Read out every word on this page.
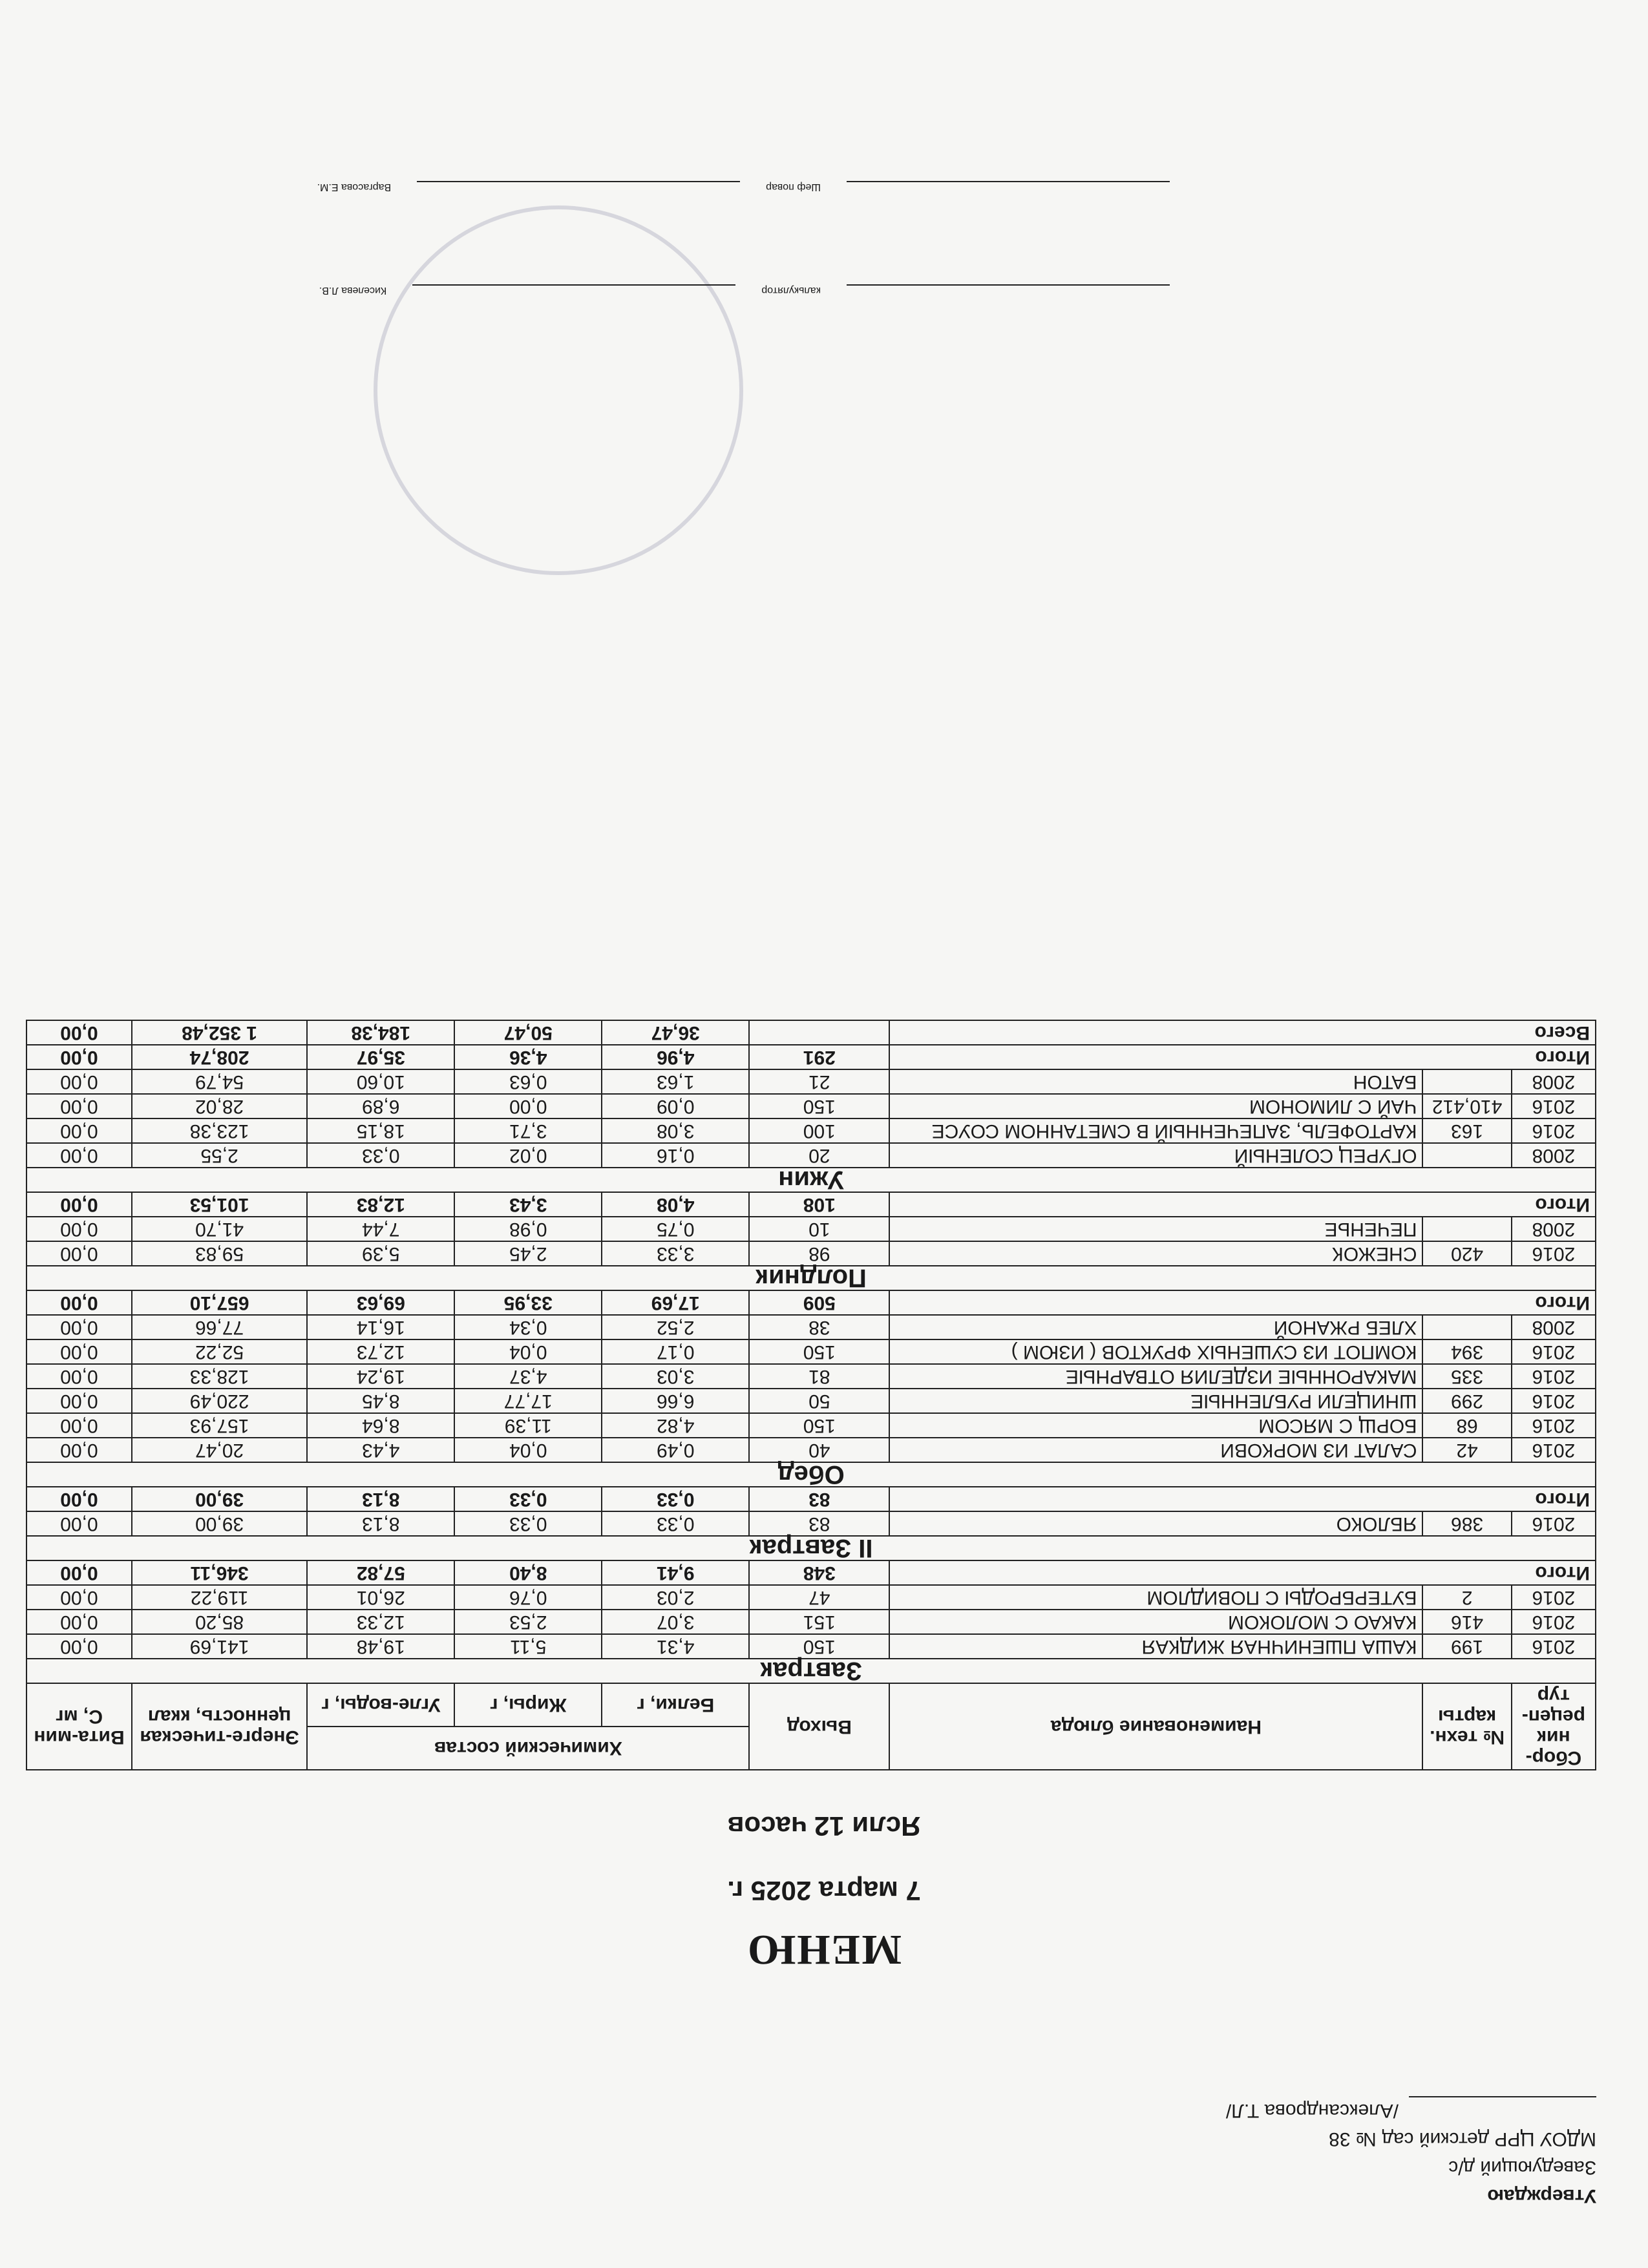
Утверждаю
Заведующий д/с
МДОУ ЦРР детский сад № 38
/Александрова Т.Л/
МЕНЮ
7 марта 2025 г.
Ясли 12 часов
Сбор-ник рецеп-тур	№ техн. карты	Наименование блюда	Выход	Химический состав			Энерге-тическая ценность, ккал	Вита-мин С, мг
				Белки, г	Жиры, г	Угле-воды, г		
Завтрак								
2016	199	КАША ПШЕНИЧНАЯ ЖИДКАЯ	150	4,31	5,11	19,48	141,69	0,00
2016	416	КАКАО С МОЛОКОМ	151	3,07	2,53	12,33	85,20	0,00
2016	2	БУТЕРБРОДЫ С ПОВИДЛОМ	47	2,03	0,76	26,01	119,22	0,00
Итого			348	9,41	8,40	57,82	346,11	0,00
II Завтрак								
2016	386	ЯБЛОКО	83	0,33	0,33	8,13	39,00	0,00
Итого			83	0,33	0,33	8,13	39,00	0,00
Обед								
2016	42	САЛАТ ИЗ МОРКОВИ	40	0,49	0,04	4,43	20,47	0,00
2016	68	БОРЩ С МЯСОМ	150	4,82	11,39	8,64	157,93	0,00
2016	299	ШНИЦЕЛИ РУБЛЕННЫЕ	50	6,66	17,77	8,45	220,49	0,00
2016	335	МАКАРОННЫЕ ИЗДЕЛИЯ ОТВАРНЫЕ	81	3,03	4,37	19,24	128,33	0,00
2016	394	КОМПОТ ИЗ СУШЕНЫХ ФРУКТОВ ( ИЗЮМ )	150	0,17	0,04	12,73	52,22	0,00
2008		ХЛЕБ РЖАНОЙ	38	2,52	0,34	16,14	77,66	0,00
Итого			509	17,69	33,95	69,63	657,10	0,00
Полдник								
2016	420	СНЕЖОК	98	3,33	2,45	5,39	59,83	0,00
2008		ПЕЧЕНЬЕ	10	0,75	0,98	7,44	41,70	0,00
Итого			108	4,08	3,43	12,83	101,53	0,00
Ужин								
2008		ОГУРЕЦ СОЛЕНЫЙ	20	0,16	0,02	0,33	2,55	0,00
2016	163	КАРТОФЕЛЬ, ЗАПЕЧЕННЫЙ В СМЕТАННОМ СОУСЕ	100	3,08	3,71	18,15	123,38	0,00
2016	410,412	ЧАЙ С ЛИМОНОМ	150	0,09	0,00	6,89	28,02	0,00
2008		БАТОН	21	1,63	0,63	10,60	54,79	0,00
Итого			291	4,96	4,36	35,97	208,74	0,00
Всего				36,47	50,47	184,38	1 352,48	0,00
калькуляторКиселева Л.В.
Шеф поварВаргасова Е.М.
